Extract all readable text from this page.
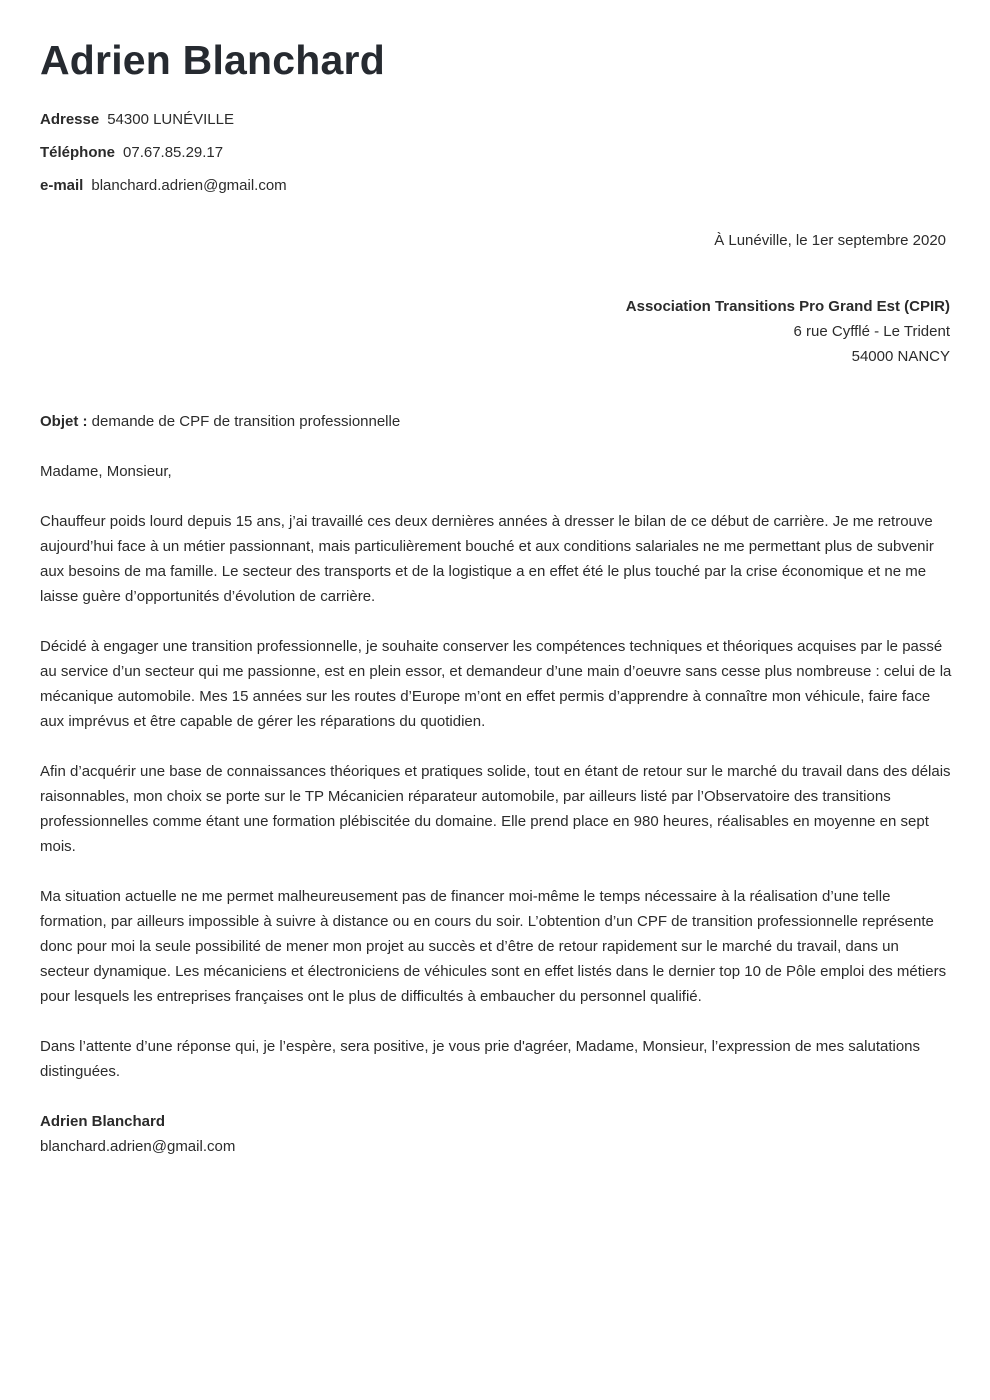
Adrien Blanchard
Adresse 54300 LUNÉVILLE
Téléphone 07.67.85.29.17
e-mail blanchard.adrien@gmail.com
À Lunéville, le 1er septembre 2020
Association Transitions Pro Grand Est (CPIR)
6 rue Cyfflé - Le Trident
54000 NANCY
Objet : demande de CPF de transition professionnelle

Madame, Monsieur,

Chauffeur poids lourd depuis 15 ans, j’ai travaillé ces deux dernières années à dresser le bilan de ce début de carrière. Je me retrouve aujourd’hui face à un métier passionnant, mais particulièrement bouché et aux conditions salariales ne me permettant plus de subvenir aux besoins de ma famille. Le secteur des transports et de la logistique a en effet été le plus touché par la crise économique et ne me laisse guère d’opportunités d’évolution de carrière.

Décidé à engager une transition professionnelle, je souhaite conserver les compétences techniques et théoriques acquises par le passé au service d’un secteur qui me passionne, est en plein essor, et demandeur d’une main d’oeuvre sans cesse plus nombreuse : celui de la mécanique automobile. Mes 15 années sur les routes d’Europe m’ont en effet permis d’apprendre à connaître mon véhicule, faire face aux imprévus et être capable de gérer les réparations du quotidien.

Afin d’acquérir une base de connaissances théoriques et pratiques solide, tout en étant de retour sur le marché du travail dans des délais raisonnables, mon choix se porte sur le TP Mécanicien réparateur automobile, par ailleurs listé par l’Observatoire des transitions professionnelles comme étant une formation plébiscitée du domaine. Elle prend place en 980 heures, réalisables en moyenne en sept mois.

Ma situation actuelle ne me permet malheureusement pas de financer moi-même le temps nécessaire à la réalisation d’une telle formation, par ailleurs impossible à suivre à distance ou en cours du soir. L’obtention d’un CPF de transition professionnelle représente donc pour moi la seule possibilité de mener mon projet au succès et d’être de retour rapidement sur le marché du travail, dans un secteur dynamique. Les mécaniciens et électroniciens de véhicules sont en effet listés dans le dernier top 10 de Pôle emploi des métiers pour lesquels les entreprises françaises ont le plus de difficultés à embaucher du personnel qualifié.

Dans l’attente d’une réponse qui, je l’espère, sera positive, je vous prie d'agréer, Madame, Monsieur, l’expression de mes salutations distinguées.

Adrien Blanchard
blanchard.adrien@gmail.com
